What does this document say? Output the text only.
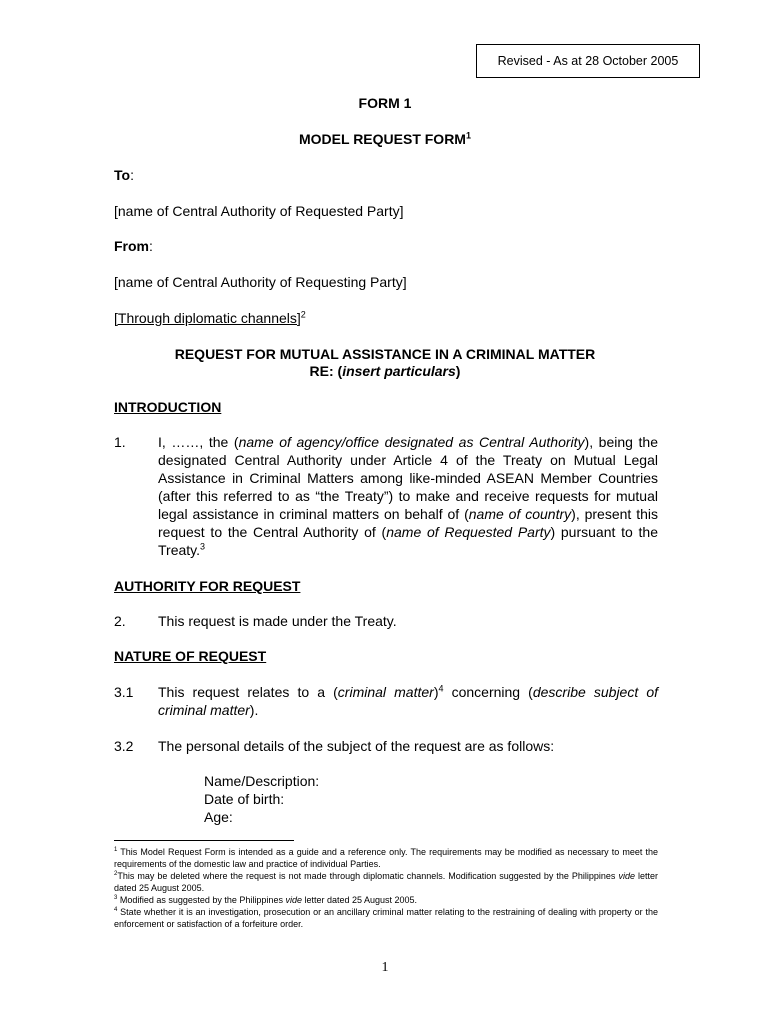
Revised - As at 28 October 2005
FORM 1
MODEL REQUEST FORM$^1$
To:
[name of Central Authority of Requested Party]
From:
[name of Central Authority of Requesting Party]
[Through diplomatic channels]$^2$
REQUEST FOR MUTUAL ASSISTANCE IN A CRIMINAL MATTER
RE: (insert particulars)
INTRODUCTION
1. I, ……, the (name of agency/office designated as Central Authority), being the designated Central Authority under Article 4 of the Treaty on Mutual Legal Assistance in Criminal Matters among like-minded ASEAN Member Countries (after this referred to as “the Treaty”) to make and receive requests for mutual legal assistance in criminal matters on behalf of (name of country), present this request to the Central Authority of (name of Requested Party) pursuant to the Treaty.$^3$
AUTHORITY FOR REQUEST
2. This request is made under the Treaty.
NATURE OF REQUEST
3.1 This request relates to a (criminal matter)$^4$ concerning (describe subject of criminal matter).
3.2 The personal details of the subject of the request are as follows:
Name/Description:
Date of birth:
Age:
$^1$ This Model Request Form is intended as a guide and a reference only. The requirements may be modified as necessary to meet the requirements of the domestic law and practice of individual Parties.
$^2$This may be deleted where the request is not made through diplomatic channels. Modification suggested by the Philippines vide letter dated 25 August 2005.
$^3$ Modified as suggested by the Philippines vide letter dated 25 August 2005.
$^4$ State whether it is an investigation, prosecution or an ancillary criminal matter relating to the restraining of dealing with property or the enforcement or satisfaction of a forfeiture order.
1
